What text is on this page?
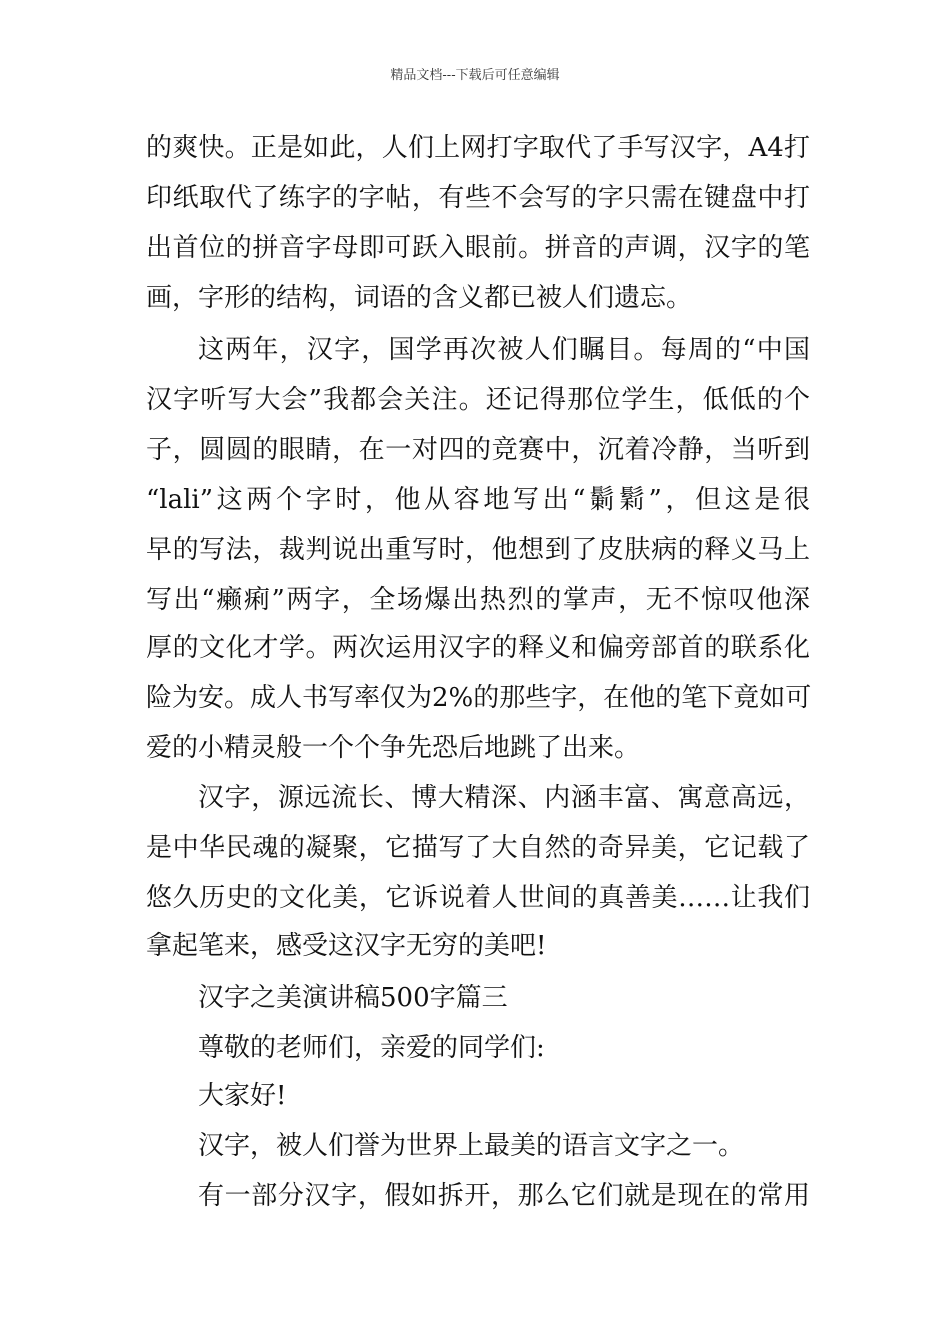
精品文档---下载后可任意编辑
的爽快。正是如此，人们上网打字取代了手写汉字，A4打
印纸取代了练字的字帖，有些不会写的字只需在键盘中打
出首位的拼音字母即可跃入眼前。拼音的声调，汉字的笔
画，字形的结构，词语的含义都已被人们遗忘。
这两年，汉字，国学再次被人们瞩目。每周的“中国
汉字听写大会”我都会关注。还记得那位学生，低低的个
子，圆圆的眼睛，在一对四的竞赛中，沉着冷静，当听到
“lali”这两个字时，他从容地写出“鬎鬁”，但这是很
早的写法，裁判说出重写时，他想到了皮肤病的释义马上
写出“癞痢”两字，全场爆出热烈的掌声，无不惊叹他深
厚的文化才学。两次运用汉字的释义和偏旁部首的联系化
险为安。成人书写率仅为2%的那些字，在他的笔下竟如可
爱的小精灵般一个个争先恐后地跳了出来。
汉字，源远流长、博大精深、内涵丰富、寓意高远，
是中华民魂的凝聚，它描写了大自然的奇异美，它记载了
悠久历史的文化美，它诉说着人世间的真善美……让我们
拿起笔来，感受这汉字无穷的美吧!
汉字之美演讲稿500字篇三
尊敬的老师们，亲爱的同学们:
大家好!
汉字，被人们誉为世界上最美的语言文字之一。
有一部分汉字，假如拆开，那么它们就是现在的常用
